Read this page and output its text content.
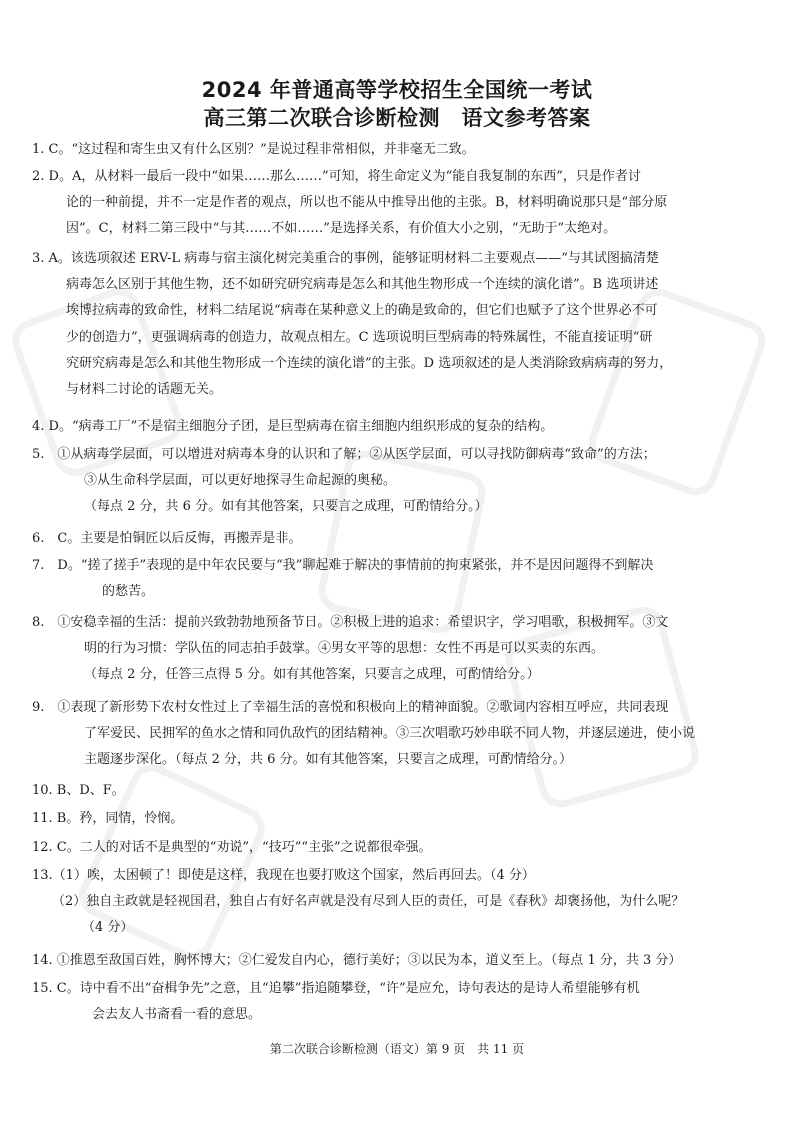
2024 年普通高等学校招生全国统一考试
高三第二次联合诊断检测　语文参考答案
1. C。“这过程和寄生虫又有什么区别？”是说过程非常相似，并非毫无二致。
2. D。A，从材料一最后一段中“如果……那么……”可知，将生命定义为“能自我复制的东西”，只是作者讨
论的一种前提，并不一定是作者的观点，所以也不能从中推导出他的主张。B，材料明确说那只是“部分原
因”。C，材料二第三段中“与其……不如……”是选择关系，有价值大小之别，“无助于”太绝对。
3. A。该选项叙述 ERV-L 病毒与宿主演化树完美重合的事例，能够证明材料二主要观点——“与其试图搞清楚
病毒怎么区别于其他生物，还不如研究研究病毒是怎么和其他生物形成一个连续的演化谱”。B 选项讲述
埃博拉病毒的致命性，材料二结尾说“病毒在某种意义上的确是致命的，但它们也赋予了这个世界必不可
少的创造力”，更强调病毒的创造力，故观点相左。C 选项说明巨型病毒的特殊属性，不能直接证明“研
究研究病毒是怎么和其他生物形成一个连续的演化谱”的主张。D 选项叙述的是人类消除致病病毒的努力，
与材料二讨论的话题无关。
4. D。“病毒工厂”不是宿主细胞分子团，是巨型病毒在宿主细胞内组织形成的复杂的结构。
5.　①从病毒学层面，可以增进对病毒本身的认识和了解；②从医学层面，可以寻找防御病毒“致命”的方法；
③从生命科学层面，可以更好地探寻生命起源的奥秘。
（每点 2 分，共 6 分。如有其他答案，只要言之成理，可酌情给分。）
6.　C。主要是怕铜匠以后反悔，再搬弄是非。
7.　D。“搓了搓手”表现的是中年农民要与“我”聊起难于解决的事情前的拘束紧张，并不是因问题得不到解决
的愁苦。
8.　①安稳幸福的生活：提前兴致勃勃地预备节日。②积极上进的追求：希望识字，学习唱歌，积极拥军。③文
明的行为习惯：学队伍的同志拍手鼓掌。④男女平等的思想：女性不再是可以买卖的东西。
（每点 2 分，任答三点得 5 分。如有其他答案，只要言之成理，可酌情给分。）
9.　①表现了新形势下农村女性过上了幸福生活的喜悦和积极向上的精神面貌。②歌词内容相互呼应，共同表现
了军爱民、民拥军的鱼水之情和同仇敌忾的团结精神。③三次唱歌巧妙串联不同人物，并逐层递进，使小说
主题逐步深化。（每点 2 分，共 6 分。如有其他答案，只要言之成理，可酌情给分。）
10. B、D、F。
11. B。矜，同情，怜悯。
12. C。二人的对话不是典型的“劝说”，“技巧”“主张”之说都很牵强。
13.（1）唉，太困顿了！即使是这样，我现在也要打败这个国家，然后再回去。（4 分）
（2）独自主政就是轻视国君，独自占有好名声就是没有尽到人臣的责任，可是《春秋》却褒扬他，为什么呢？
（4 分）
14. ①推恩至敌国百姓，胸怀博大；②仁爱发自内心，德行美好；③以民为本，道义至上。（每点 1 分，共 3 分）
15. C。诗中看不出“奋楫争先”之意，且“追攀”指追随攀登，“许”是应允，诗句表达的是诗人希望能够有机
会去友人书斋看一看的意思。
第二次联合诊断检测（语文）第 9 页　共 11 页
